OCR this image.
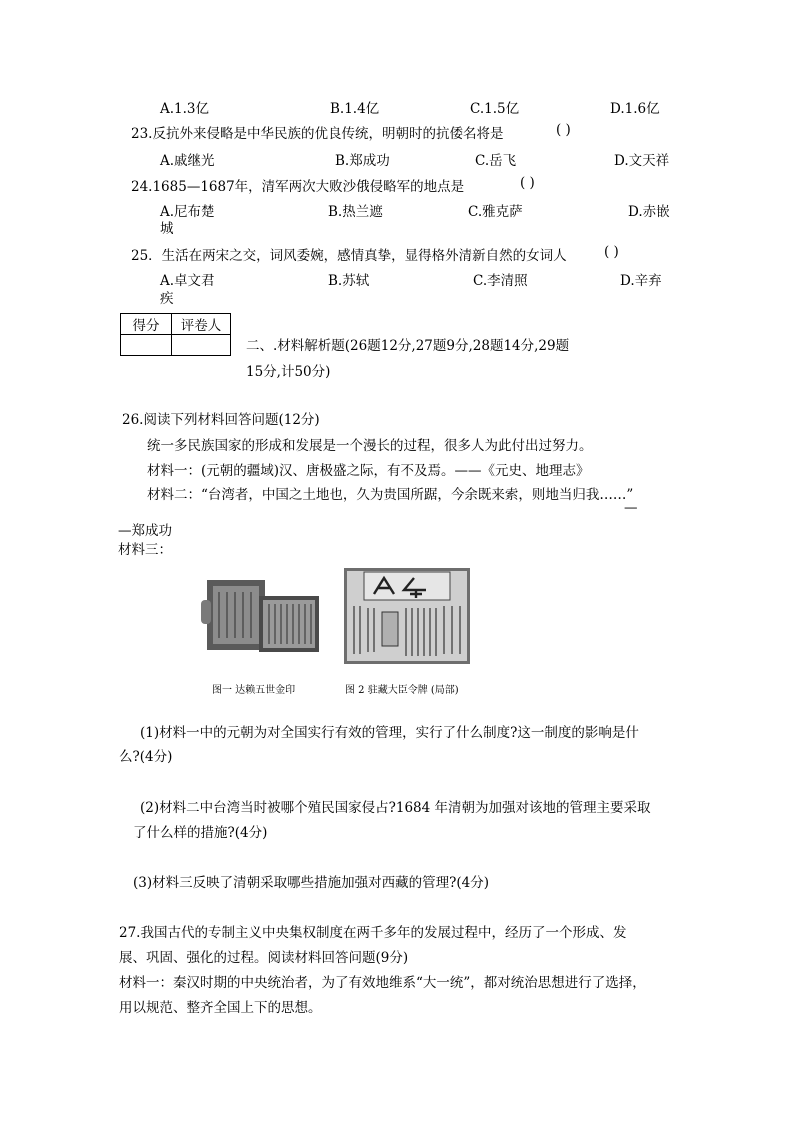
A.1.3亿	B.1.4亿	C.1.5亿	D.1.6亿
23.反抗外来侵略是中华民族的优良传统，明朝时的抗倭名将是	( )
A.戚继光	B.郑成功	C.岳飞	D.文天祥
24.1685—1687年，清军两次大败沙俄侵略军的地点是	( )
A.尼布楚	B.热兰遮	C.雅克萨	D.赤嵌
城
25．生活在两宋之交，词风委婉，感情真挚，显得格外清新自然的女词人	( )
A.卓文君	B.苏轼	C.李清照	D.辛弃
疾
得分	评卷人

二、.材料解析题(26题12分,27题9分,28题14分,29题
15分,计50分)
26.阅读下列材料回答问题(12分)
统一多民族国家的形成和发展是一个漫长的过程，很多人为此付出过努力。
材料一：(元朝的疆域)汉、唐极盛之际，有不及焉。——《元史、地理志》
材料二：“台湾者，中国之土地也，久为贵国所踞，今余既来索，则地当归我……”
—
—郑成功
材料三：
图一 达赖五世金印	图 2 驻藏大臣令牌 (局部)
(1)材料一中的元朝为对全国实行有效的管理，实行了什么制度?这一制度的影响是什
么?(4分)
(2)材料二中台湾当时被哪个殖民国家侵占?1684 年清朝为加强对该地的管理主要采取
了什么样的措施?(4分)
(3)材料三反映了清朝采取哪些措施加强对西藏的管理?(4分)
27.我国古代的专制主义中央集权制度在两千多年的发展过程中，经历了一个形成、发
展、巩固、强化的过程。阅读材料回答问题(9分)
材料一：秦汉时期的中央统治者，为了有效地维系“大一统”，都对统治思想进行了选择，
用以规范、整齐全国上下的思想。
